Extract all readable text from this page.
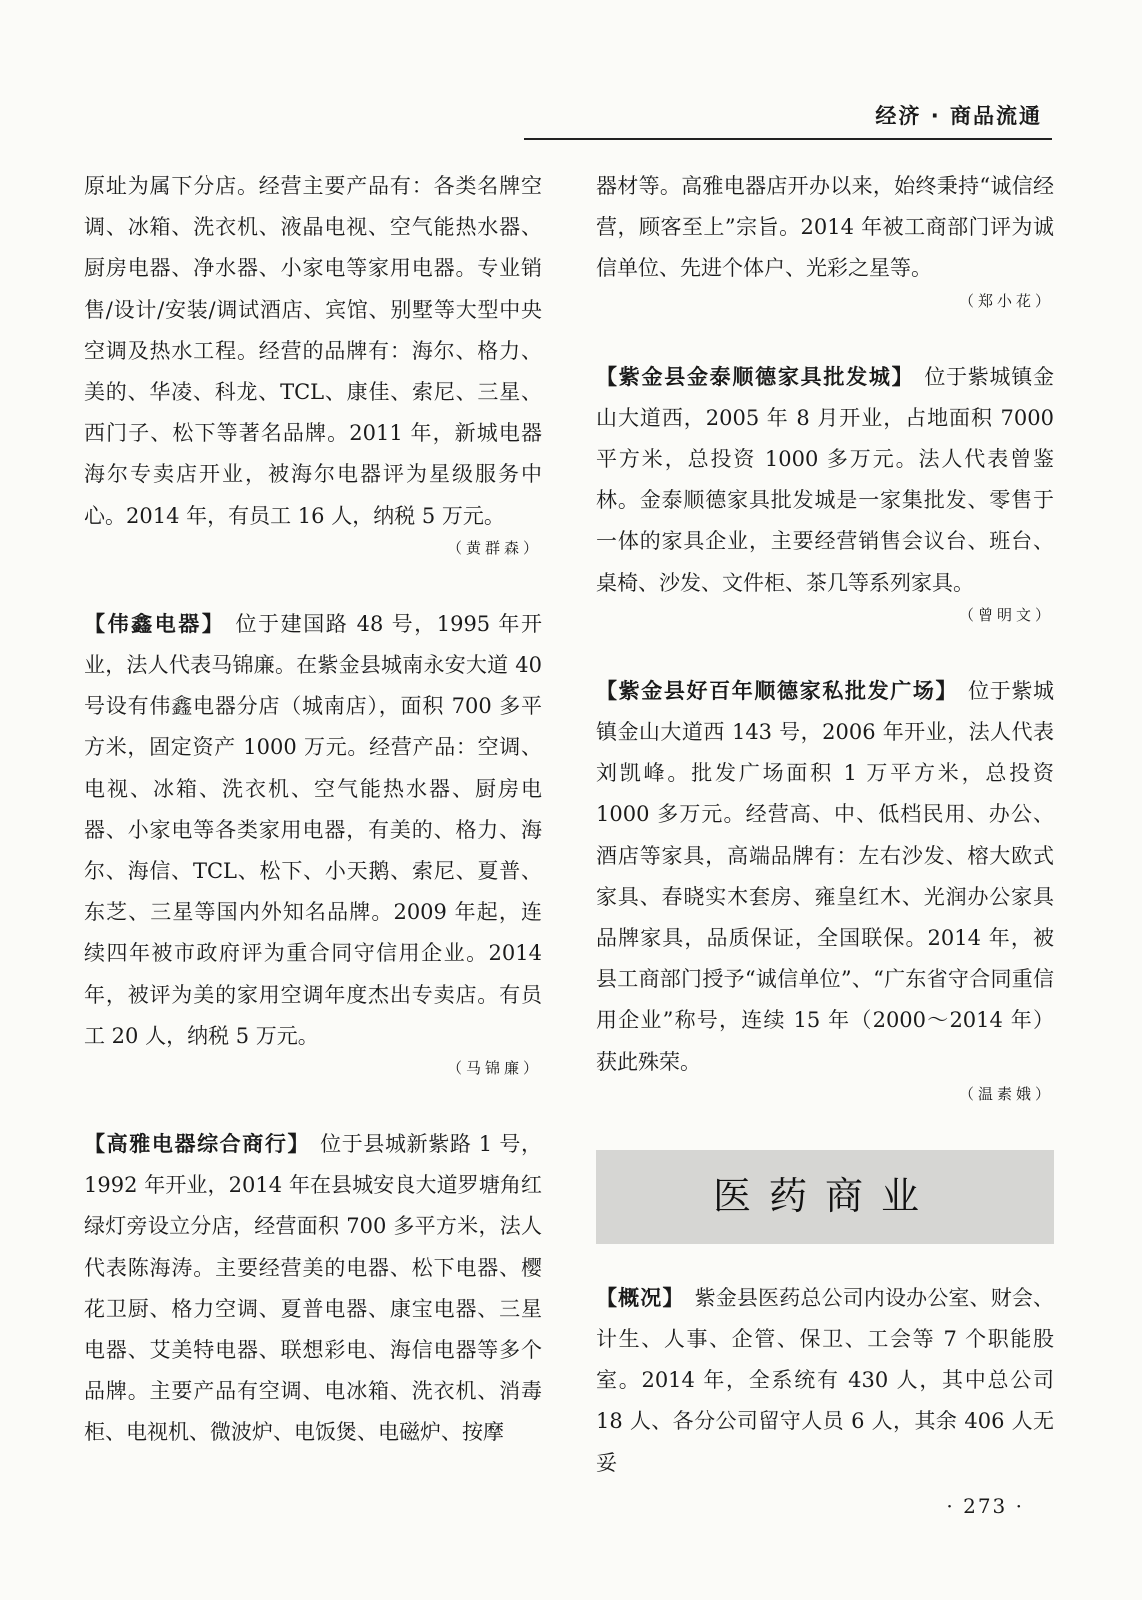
经济 · 商品流通

原址为属下分店。经营主要产品有：各类名牌空调、冰箱、洗衣机、液晶电视、空气能热水器、厨房电器、净水器、小家电等家用电器。专业销售/设计/安装/调试酒店、宾馆、别墅等大型中央空调及热水工程。经营的品牌有：海尔、格力、美的、华凌、科龙、TCL、康佳、索尼、三星、西门子、松下等著名品牌。2011 年，新城电器海尔专卖店开业，被海尔电器评为星级服务中心。2014 年，有员工 16 人，纳税 5 万元。

（黄群森）

【伟鑫电器】 位于建国路 48 号，1995 年开业，法人代表马锦廉。在紫金县城南永安大道 40 号设有伟鑫电器分店（城南店），面积 700 多平方米，固定资产 1000 万元。经营产品：空调、电视、冰箱、洗衣机、空气能热水器、厨房电器、小家电等各类家用电器，有美的、格力、海尔、海信、TCL、松下、小天鹅、索尼、夏普、东芝、三星等国内外知名品牌。2009 年起，连续四年被市政府评为重合同守信用企业。2014 年，被评为美的家用空调年度杰出专卖店。有员工 20 人，纳税 5 万元。

（马锦廉）

【高雅电器综合商行】 位于县城新紫路 1 号，1992 年开业，2014 年在县城安良大道罗塘角红绿灯旁设立分店，经营面积 700 多平方米，法人代表陈海涛。主要经营美的电器、松下电器、樱花卫厨、格力空调、夏普电器、康宝电器、三星电器、艾美特电器、联想彩电、海信电器等多个品牌。主要产品有空调、电冰箱、洗衣机、消毒柜、电视机、微波炉、电饭煲、电磁炉、按摩

器材等。高雅电器店开办以来，始终秉持“诚信经营，顾客至上”宗旨。2014 年被工商部门评为诚信单位、先进个体户、光彩之星等。

（郑小花）

【紫金县金泰顺德家具批发城】 位于紫城镇金山大道西，2005 年 8 月开业，占地面积 7000 平方米，总投资 1000 多万元。法人代表曾鉴林。金泰顺德家具批发城是一家集批发、零售于一体的家具企业，主要经营销售会议台、班台、桌椅、沙发、文件柜、茶几等系列家具。

（曾明文）

【紫金县好百年顺德家私批发广场】 位于紫城镇金山大道西 143 号，2006 年开业，法人代表刘凯峰。批发广场面积 1 万平方米，总投资 1000 多万元。经营高、中、低档民用、办公、酒店等家具，高端品牌有：左右沙发、榕大欧式家具、春晓实木套房、雍皇红木、光润办公家具品牌家具，品质保证，全国联保。2014 年，被县工商部门授予“诚信单位”、“广东省守合同重信用企业”称号，连续 15 年（2000～2014 年）获此殊荣。

（温素娥）

医药商业

【概况】 紫金县医药总公司内设办公室、财会、计生、人事、企管、保卫、工会等 7 个职能股室。2014 年，全系统有 430 人，其中总公司 18 人、各分公司留守人员 6 人，其余 406 人无妥

· 273 ·
